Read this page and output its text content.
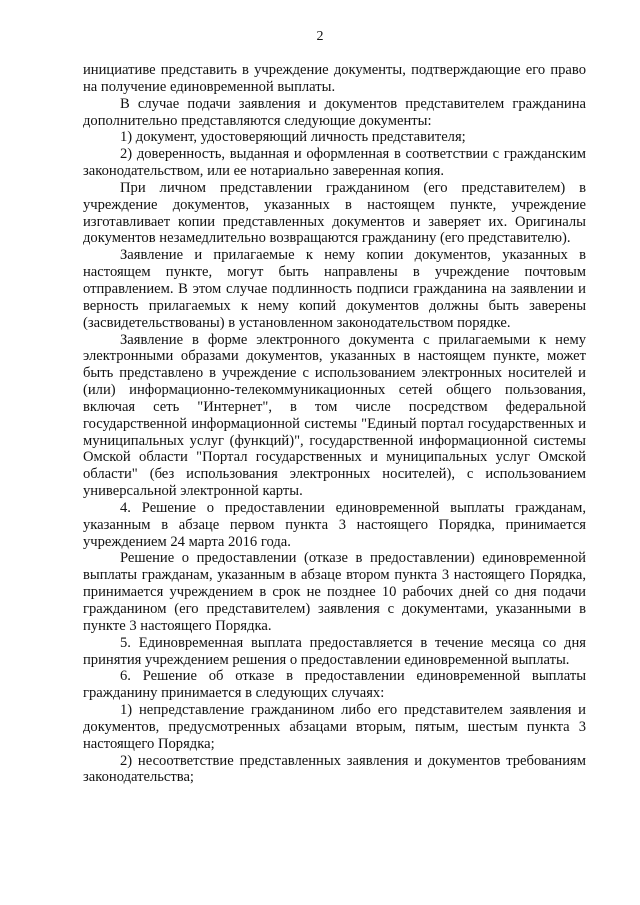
2

инициативе представить в учреждение документы, подтверждающие его право на получение единовременной выплаты.

В случае подачи заявления и документов представителем гражданина дополнительно представляются следующие документы:

1) документ, удостоверяющий личность представителя;

2) доверенность, выданная и оформленная в соответствии с гражданским законодательством, или ее нотариально заверенная копия.

При личном представлении гражданином (его представителем) в учреждение документов, указанных в настоящем пункте, учреждение изготавливает копии представленных документов и заверяет их. Оригиналы документов незамедлительно возвращаются гражданину (его представителю).

Заявление и прилагаемые к нему копии документов, указанных в настоящем пункте, могут быть направлены в учреждение почтовым отправлением. В этом случае подлинность подписи гражданина на заявлении и верность прилагаемых к нему копий документов должны быть заверены (засвидетельствованы) в установленном законодательством порядке.

Заявление в форме электронного документа с прилагаемыми к нему электронными образами документов, указанных в настоящем пункте, может быть представлено в учреждение с использованием электронных носителей и (или) информационно-телекоммуникационных сетей общего пользования, включая сеть "Интернет", в том числе посредством федеральной государственной информационной системы "Единый портал государственных и муниципальных услуг (функций)", государственной информационной системы Омской области "Портал государственных и муниципальных услуг Омской области" (без использования электронных носителей), с использованием универсальной электронной карты.

4. Решение о предоставлении единовременной выплаты гражданам, указанным в абзаце первом пункта 3 настоящего Порядка, принимается учреждением 24 марта 2016 года.

Решение о предоставлении (отказе в предоставлении) единовременной выплаты гражданам, указанным в абзаце втором пункта 3 настоящего Порядка, принимается учреждением в срок не позднее 10 рабочих дней со дня подачи гражданином (его представителем) заявления с документами, указанными в пункте 3 настоящего Порядка.

5. Единовременная выплата предоставляется в течение месяца со дня принятия учреждением решения о предоставлении единовременной выплаты.

6. Решение об отказе в предоставлении единовременной выплаты гражданину принимается в следующих случаях:

1) непредставление гражданином либо его представителем заявления и документов, предусмотренных абзацами вторым, пятым, шестым пункта 3 настоящего Порядка;

2) несоответствие представленных заявления и документов требованиям законодательства;
